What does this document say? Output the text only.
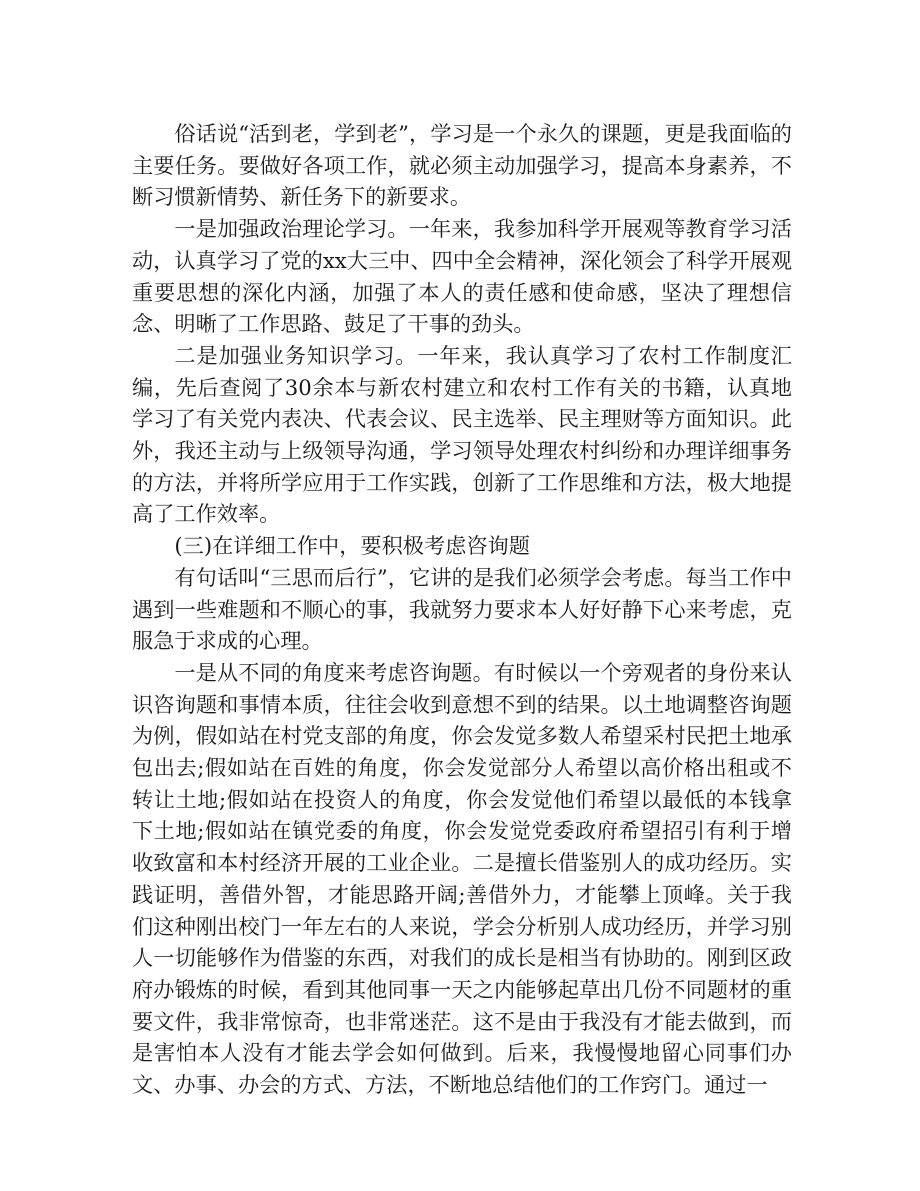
俗话说“活到老，学到老”，学习是一个永久的课题，更是我面临的主要任务。要做好各项工作，就必须主动加强学习，提高本身素养，不断习惯新情势、新任务下的新要求。

一是加强政治理论学习。一年来，我参加科学开展观等教育学习活动，认真学习了党的xx大三中、四中全会精神，深化领会了科学开展观重要思想的深化内涵，加强了本人的责任感和使命感，坚决了理想信念、明晰了工作思路、鼓足了干事的劲头。

二是加强业务知识学习。一年来，我认真学习了农村工作制度汇编，先后查阅了30余本与新农村建立和农村工作有关的书籍，认真地学习了有关党内表决、代表会议、民主选举、民主理财等方面知识。此外，我还主动与上级领导沟通，学习领导处理农村纠纷和办理详细事务的方法，并将所学应用于工作实践，创新了工作思维和方法，极大地提高了工作效率。

(三)在详细工作中，要积极考虑咨询题

有句话叫“三思而后行”，它讲的是我们必须学会考虑。每当工作中遇到一些难题和不顺心的事，我就努力要求本人好好静下心来考虑，克服急于求成的心理。

一是从不同的角度来考虑咨询题。有时候以一个旁观者的身份来认识咨询题和事情本质，往往会收到意想不到的结果。以土地调整咨询题为例，假如站在村党支部的角度，你会发觉多数人希望采村民把土地承包出去;假如站在百姓的角度，你会发觉部分人希望以高价格出租或不转让土地;假如站在投资人的角度，你会发觉他们希望以最低的本钱拿下土地;假如站在镇党委的角度，你会发觉党委政府希望招引有利于增收致富和本村经济开展的工业企业。二是擅长借鉴别人的成功经历。实践证明，善借外智，才能思路开阔;善借外力，才能攀上顶峰。关于我们这种刚出校门一年左右的人来说，学会分析别人成功经历，并学习别人一切能够作为借鉴的东西，对我们的成长是相当有协助的。刚到区政府办锻炼的时候，看到其他同事一天之内能够起草出几份不同题材的重要文件，我非常惊奇，也非常迷茫。这不是由于我没有才能去做到，而是害怕本人没有才能去学会如何做到。后来，我慢慢地留心同事们办文、办事、办会的方式、方法，不断地总结他们的工作窍门。通过一
